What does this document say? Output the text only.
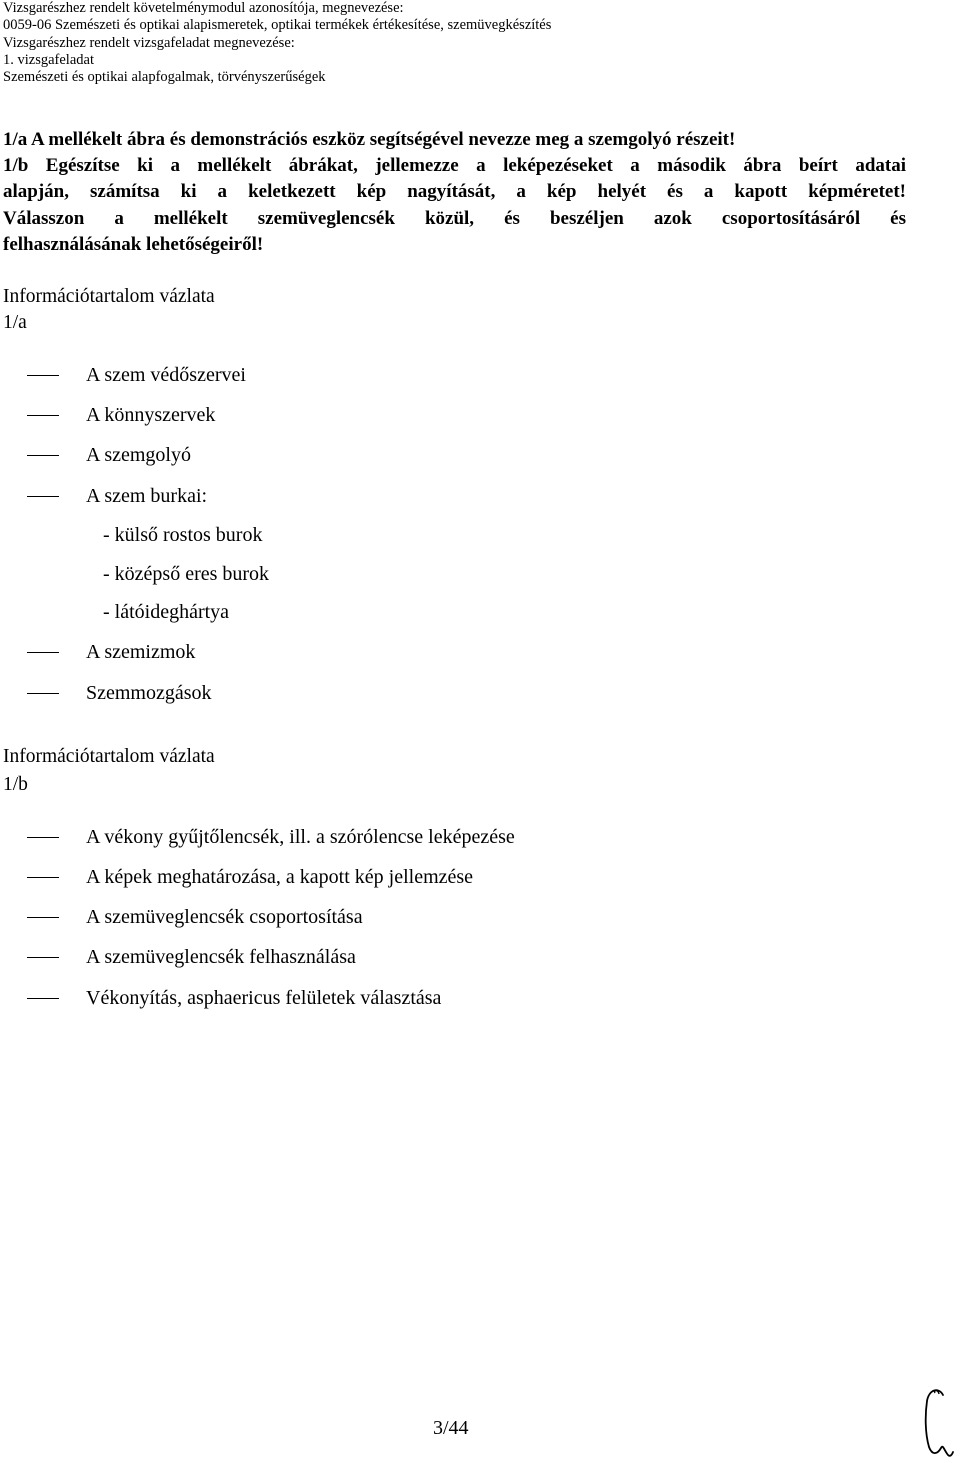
Vizsgarészhez rendelt követelménymodul azonosítója, megnevezése:
0059-06 Szemészeti és optikai alapismeretek, optikai termékek értékesítése, szemüvegkészítés
Vizsgarészhez rendelt vizsgafeladat megnevezése:
1. vizsgafeladat
Szemészeti és optikai alapfogalmak, törvényszerűségek
1/a A mellékelt ábra és demonstrációs eszköz segítségével nevezze meg a szemgolyó részeit!
1/b Egészítse ki a mellékelt ábrákat, jellemezze a leképezéseket a második ábra beírt adatai
alapján, számítsa ki a keletkezett kép nagyítását, a kép helyét és a kapott képméretet!
Válasszon a mellékelt szemüveglencsék közül, és beszéljen azok csoportosításáról és
felhasználásának lehetőségeiről!
Információtartalom vázlata
1/a
A szem védőszervei
A könnyszervek
A szemgolyó
A szem burkai:
- külső rostos burok
- középső eres burok
- látóideghártya
A szemizmok
Szemmozgások
Információtartalom vázlata
1/b
A vékony gyűjtőlencsék, ill. a szórólencse leképezése
A képek meghatározása, a kapott kép jellemzése
A szemüveglencsék csoportosítása
A szemüveglencsék felhasználása
Vékonyítás, asphaericus felületek választása
3/44
